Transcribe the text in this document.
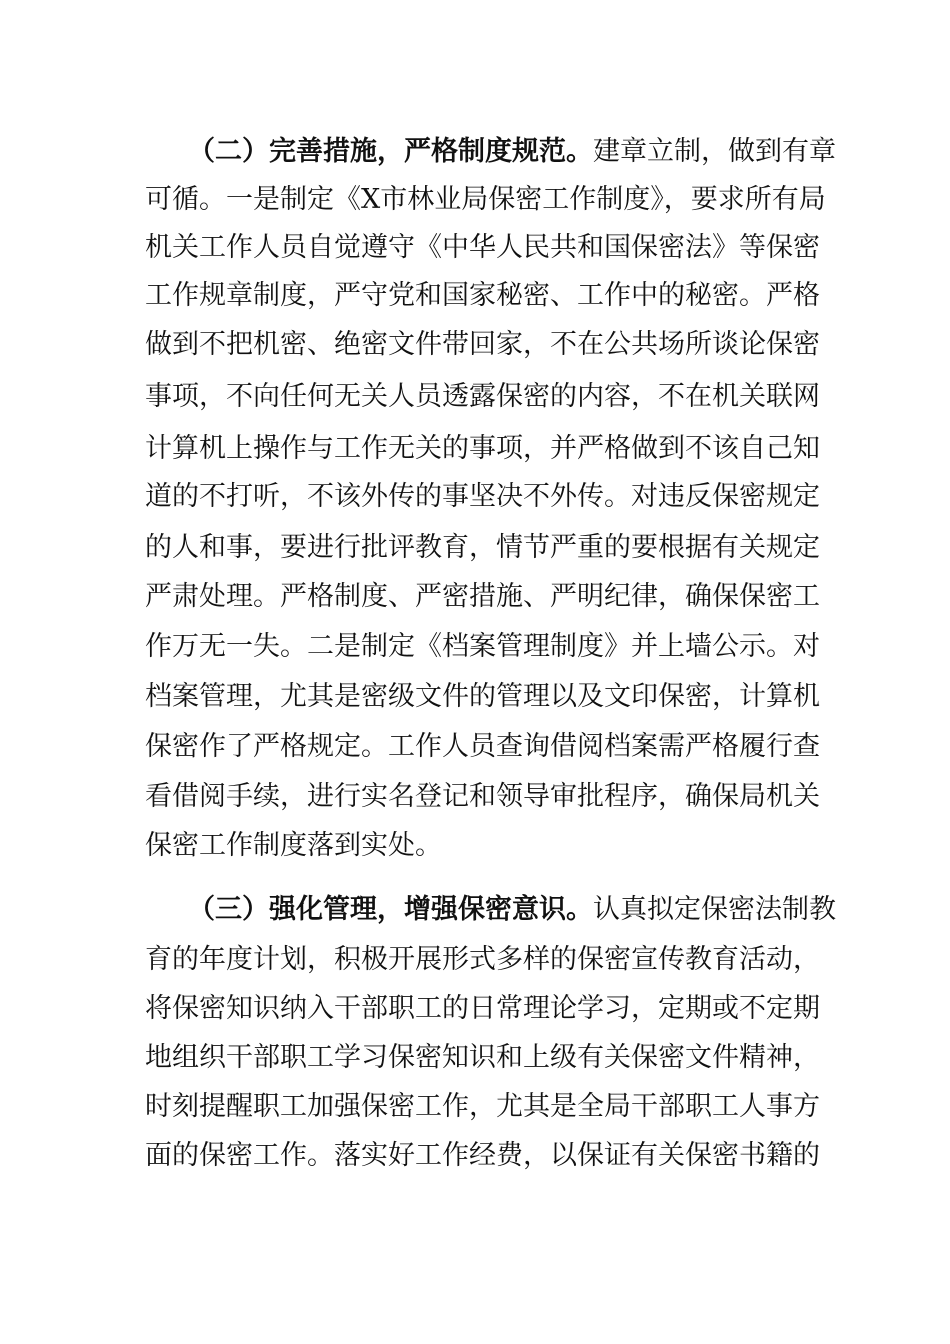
（二）完善措施，严格制度规范。建章立制，做到有章
可循。一是制定《X市林业局保密工作制度》，要求所有局
机关工作人员自觉遵守《中华人民共和国保密法》等保密
工作规章制度，严守党和国家秘密、工作中的秘密。严格
做到不把机密、绝密文件带回家，不在公共场所谈论保密
事项，不向任何无关人员透露保密的内容，不在机关联网
计算机上操作与工作无关的事项，并严格做到不该自己知
道的不打听，不该外传的事坚决不外传。对违反保密规定
的人和事，要进行批评教育，情节严重的要根据有关规定
严肃处理。严格制度、严密措施、严明纪律，确保保密工
作万无一失。二是制定《档案管理制度》并上墙公示。对
档案管理，尤其是密级文件的管理以及文印保密，计算机
保密作了严格规定。工作人员查询借阅档案需严格履行查
看借阅手续，进行实名登记和领导审批程序，确保局机关
保密工作制度落到实处。
（三）强化管理，增强保密意识。认真拟定保密法制教
育的年度计划，积极开展形式多样的保密宣传教育活动，
将保密知识纳入干部职工的日常理论学习，定期或不定期
地组织干部职工学习保密知识和上级有关保密文件精神，
时刻提醒职工加强保密工作，尤其是全局干部职工人事方
面的保密工作。落实好工作经费，以保证有关保密书籍的
